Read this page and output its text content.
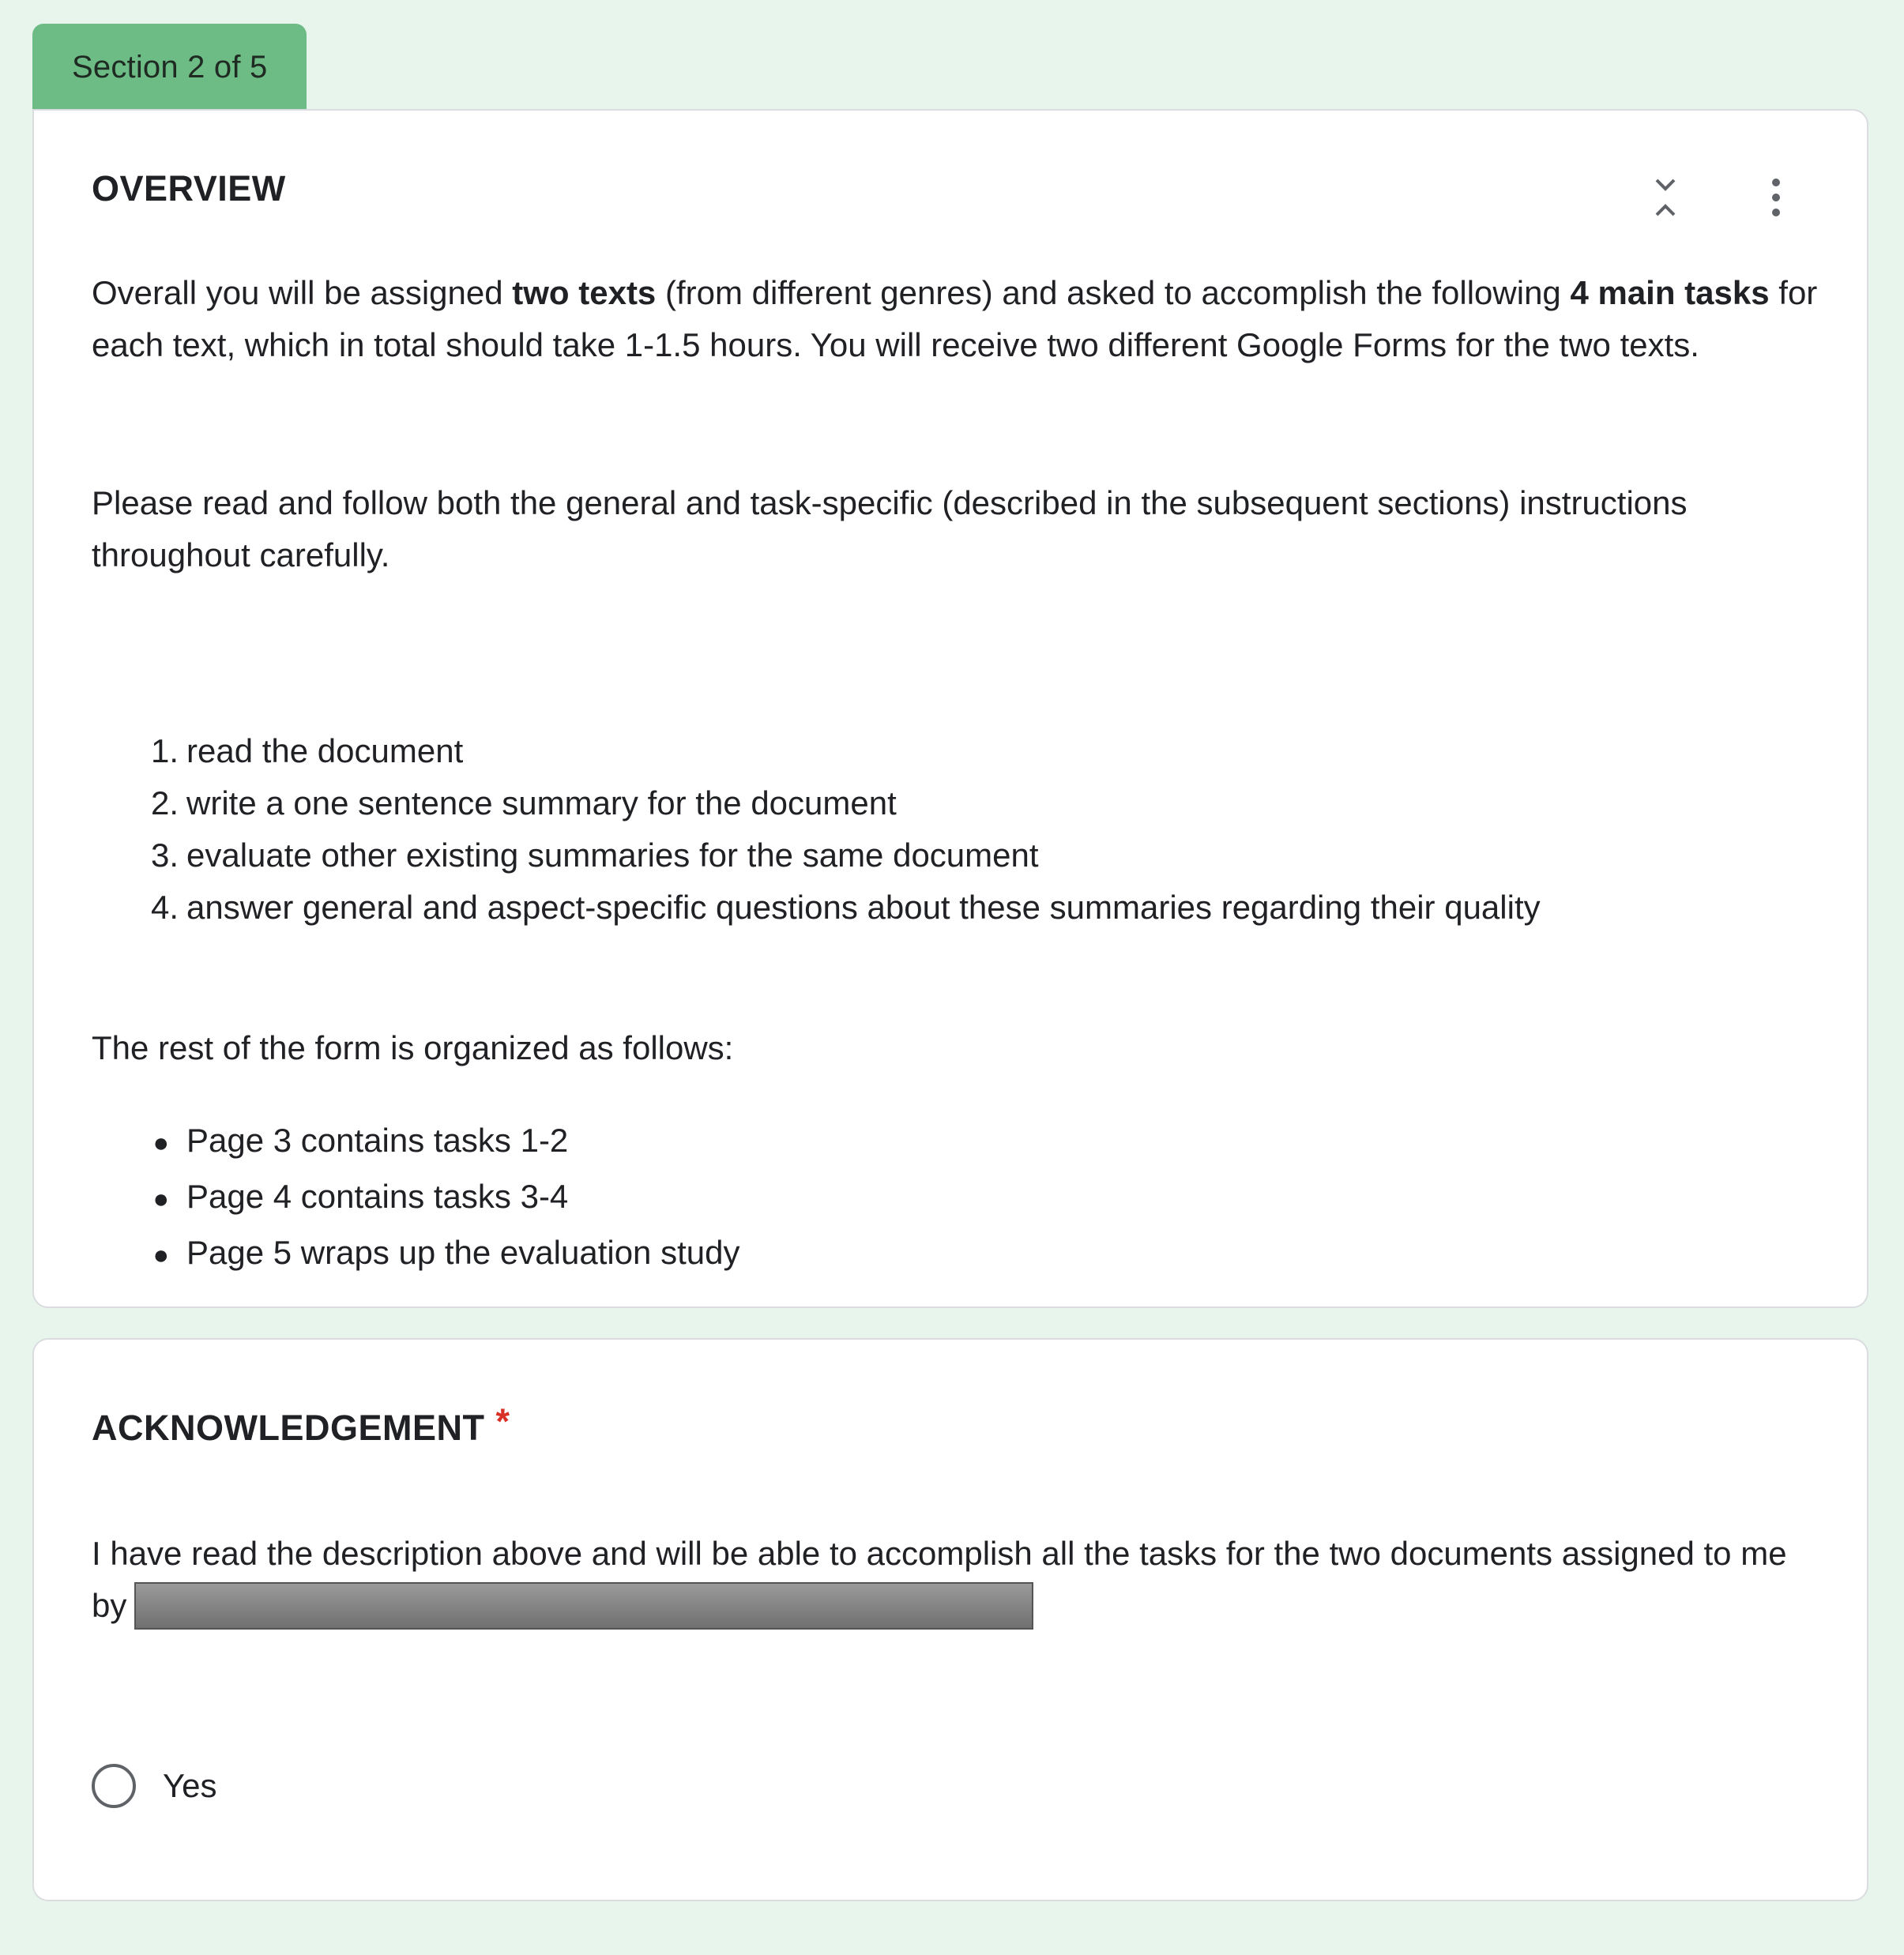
Section 2 of 5
OVERVIEW
Overall you will be assigned two texts (from different genres) and asked to accomplish the following 4 main tasks for each text, which in total should take 1-1.5 hours. You will receive two different Google Forms for the two texts.
Please read and follow both the general and task-specific (described in the subsequent sections) instructions throughout carefully.
1. read the document
2. write a one sentence summary for the document
3. evaluate other existing summaries for the same document
4. answer general and aspect-specific questions about these summaries regarding their quality
The rest of the form is organized as follows:
● Page 3 contains tasks 1-2
● Page 4 contains tasks 3-4
● Page 5 wraps up the evaluation study
ACKNOWLEDGEMENT *
I have read the description above and will be able to accomplish all the tasks for the two documents assigned to me by
Yes
